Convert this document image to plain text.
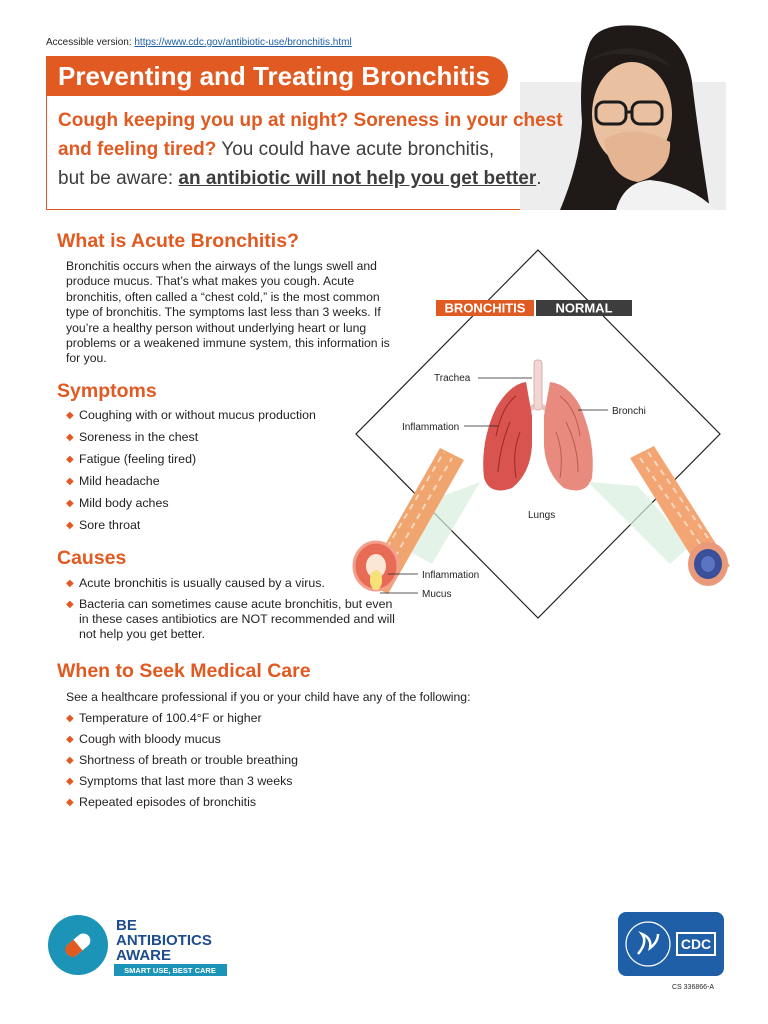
Accessible version: https://www.cdc.gov/antibiotic-use/bronchitis.html
Preventing and Treating Bronchitis
Cough keeping you up at night? Soreness in your chest and feeling tired? You could have acute bronchitis,
but be aware: an antibiotic will not help you get better.
What is Acute Bronchitis?
Bronchitis occurs when the airways of the lungs swell and produce mucus. That’s what makes you cough. Acute bronchitis, often called a “chest cold,” is the most common type of bronchitis. The symptoms last less than 3 weeks. If you’re a healthy person without underlying heart or lung problems or a weakened immune system, this information is for you.
Symptoms
◆ Coughing with or without mucus production
◆ Soreness in the chest
◆ Fatigue (feeling tired)
◆ Mild headache
◆ Mild body aches
◆ Sore throat
Causes
◆ Acute bronchitis is usually caused by a virus.
◆ Bacteria can sometimes cause acute bronchitis, but even in these cases antibiotics are NOT recommended and will not help you get better.
When to Seek Medical Care
See a healthcare professional if you or your child have any of the following:
◆ Temperature of 100.4°F or higher
◆ Cough with bloody mucus
◆ Shortness of breath or trouble breathing
◆ Symptoms that last more than 3 weeks
◆ Repeated episodes of bronchitis
BRONCHITIS NORMAL
Trachea
Bronchi
Inflammation
Lungs
Inflammation
Mucus
BE
ANTIBIOTICS
AWARE
SMART USE, BEST CARE
CDC
CS 336866-A
